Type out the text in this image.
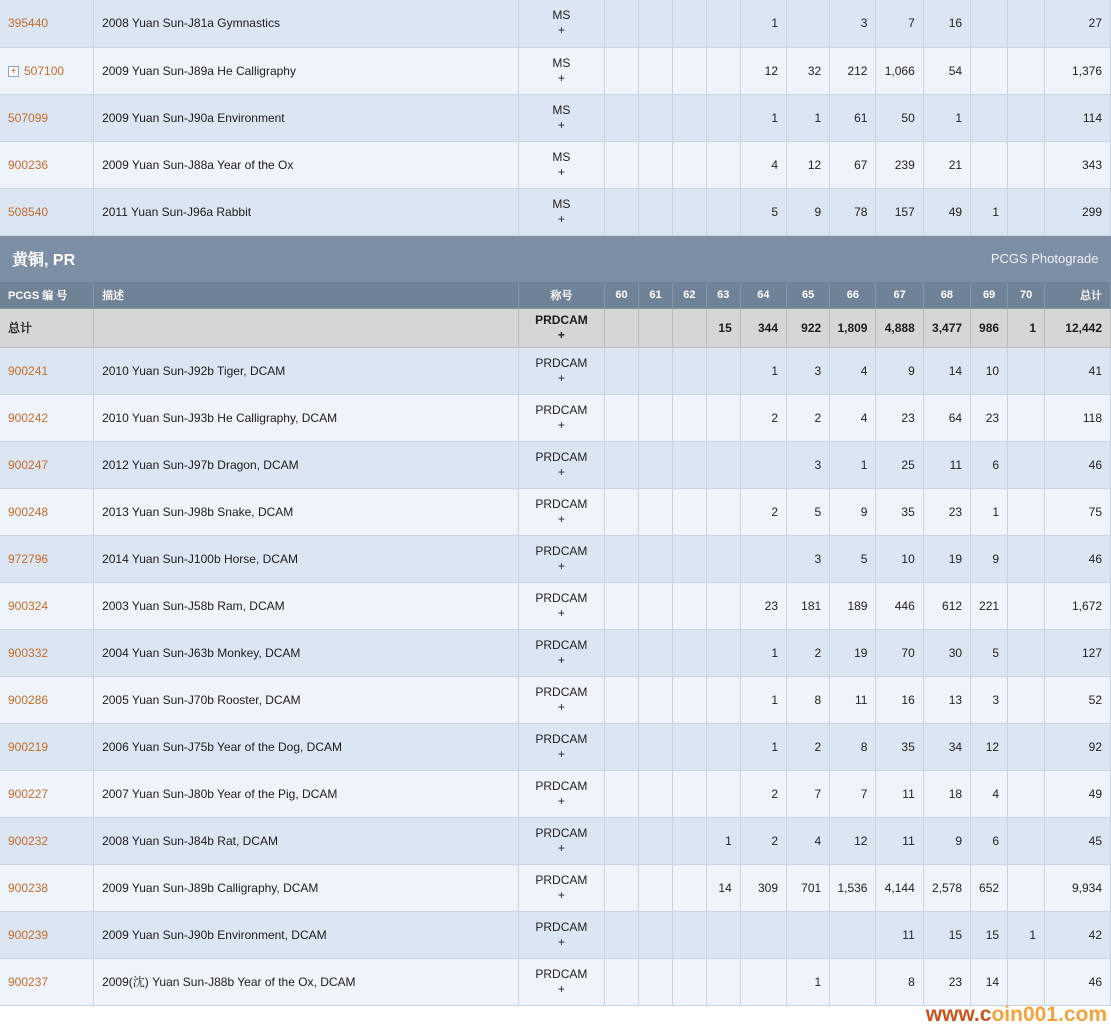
395440	2008 Yuan Sun-J81a Gymnastics	MS
+					1		3	7	16			27
+ 507100	2009 Yuan Sun-J89a He Calligraphy	MS
+					12	32	212	1,066	54			1,376
507099	2009 Yuan Sun-J90a Environment	MS
+					1	1	61	50	1			114
900236	2009 Yuan Sun-J88a Year of the Ox	MS
+					4	12	67	239	21			343
508540	2011 Yuan Sun-J96a Rabbit	MS
+					5	9	78	157	49	1		299

黄铜, PR PCGS Photograde														

PCGS 编 号	描述	称号	60	61	62	63	64	65	66	67	68	69	70	总计
总计		PRDCAM
+				15	344	922	1,809	4,888	3,477	986	1	12,442
900241	2010 Yuan Sun-J92b Tiger, DCAM	PRDCAM
+					1	3	4	9	14	10		41
900242	2010 Yuan Sun-J93b He Calligraphy, DCAM	PRDCAM
+					2	2	4	23	64	23		118
900247	2012 Yuan Sun-J97b Dragon, DCAM	PRDCAM
+						3	1	25	11	6		46
900248	2013 Yuan Sun-J98b Snake, DCAM	PRDCAM
+					2	5	9	35	23	1		75
972796	2014 Yuan Sun-J100b Horse, DCAM	PRDCAM
+						3	5	10	19	9		46
900324	2003 Yuan Sun-J58b Ram, DCAM	PRDCAM
+					23	181	189	446	612	221		1,672
900332	2004 Yuan Sun-J63b Monkey, DCAM	PRDCAM
+					1	2	19	70	30	5		127
900286	2005 Yuan Sun-J70b Rooster, DCAM	PRDCAM
+					1	8	11	16	13	3		52
900219	2006 Yuan Sun-J75b Year of the Dog, DCAM	PRDCAM
+					1	2	8	35	34	12		92
900227	2007 Yuan Sun-J80b Year of the Pig, DCAM	PRDCAM
+					2	7	7	11	18	4		49
900232	2008 Yuan Sun-J84b Rat, DCAM	PRDCAM
+				1	2	4	12	11	9	6		45
900238	2009 Yuan Sun-J89b Calligraphy, DCAM	PRDCAM
+				14	309	701	1,536	4,144	2,578	652		9,934
900239	2009 Yuan Sun-J90b Environment, DCAM	PRDCAM
+								11	15	15	1	42
900237	2009(沈) Yuan Sun-J88b Year of the Ox, DCAM	PRDCAM
+						1		8	23	14		46
www.coin001.com
